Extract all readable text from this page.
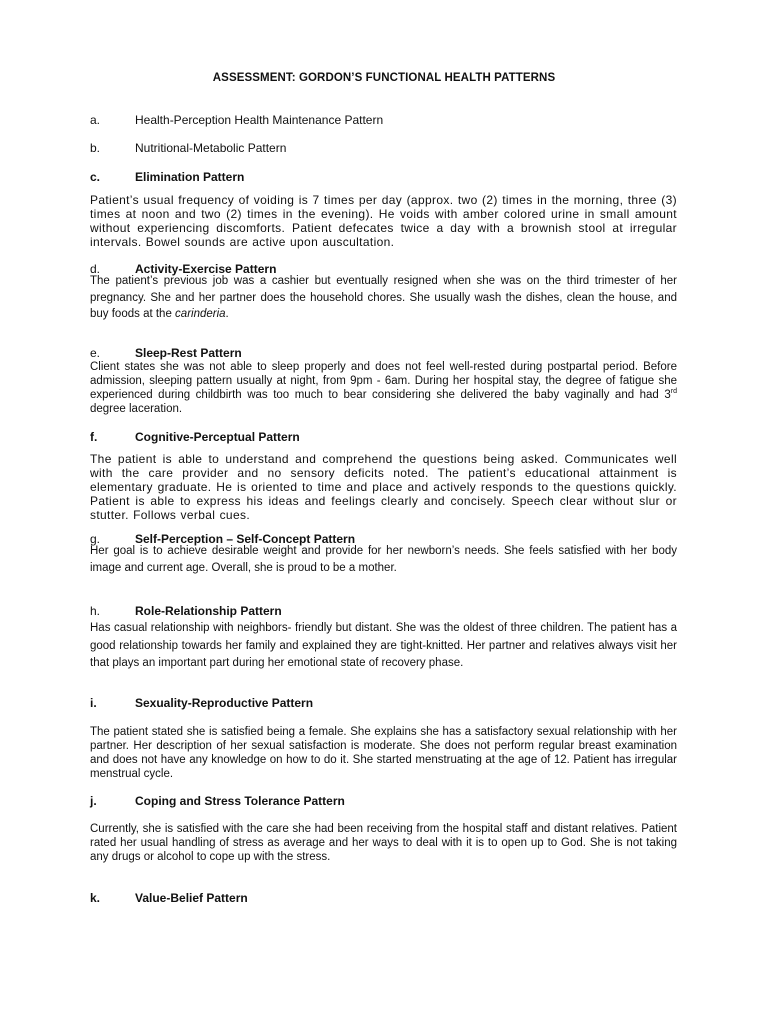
ASSESSMENT: GORDON’S FUNCTIONAL HEALTH PATTERNS
a.	Health-Perception Health Maintenance Pattern
b.	Nutritional-Metabolic Pattern
c.	Elimination Pattern

Patient’s usual frequency of voiding is 7 times per day (approx. two (2) times in the morning, three (3) times at noon and two (2) times in the evening). He voids with amber colored urine in small amount without experiencing discomforts. Patient defecates twice a day with a brownish stool at irregular intervals. Bowel sounds are active upon auscultation.

d.	Activity-Exercise Pattern

The patient’s previous job was a cashier but eventually resigned when she was on the third trimester of her pregnancy. She and her partner does the household chores. She usually wash the dishes, clean the house, and buy foods at the carinderia.

e.	Sleep-Rest Pattern

Client states she was not able to sleep properly and does not feel well-rested during postpartal period. Before admission, sleeping pattern usually at night, from 9pm - 6am. During her hospital stay, the degree of fatigue she experienced during childbirth was too much to bear considering she delivered the baby vaginally and had 3rd degree laceration.

f.	Cognitive-Perceptual Pattern

The patient is able to understand and comprehend the questions being asked. Communicates well with the care provider and no sensory deficits noted. The patient’s educational attainment is elementary graduate. He is oriented to time and place and actively responds to the questions quickly. Patient is able to express his ideas and feelings clearly and concisely. Speech clear without slur or stutter. Follows verbal cues.

g.	Self-Perception – Self-Concept Pattern

Her goal is to achieve desirable weight and provide for her newborn’s needs. She feels satisfied with her body image and current age. Overall, she is proud to be a mother.

h.	Role-Relationship Pattern

Has casual relationship with neighbors- friendly but distant. She was the oldest of three children. The patient has a good relationship towards her family and explained they are tight-knitted. Her partner and relatives always visit her that plays an important part during her emotional state of recovery phase.

i.	Sexuality-Reproductive Pattern

The patient stated she is satisfied being a female. She explains she has a satisfactory sexual relationship with her partner. Her description of her sexual satisfaction is moderate. She does not perform regular breast examination and does not have any knowledge on how to do it. She started menstruating at the age of 12. Patient has irregular menstrual cycle.

j.	Coping and Stress Tolerance Pattern

Currently, she is satisfied with the care she had been receiving from the hospital staff and distant relatives. Patient rated her usual handling of stress as average and her ways to deal with it is to open up to God. She is not taking any drugs or alcohol to cope up with the stress.

k.	Value-Belief Pattern
